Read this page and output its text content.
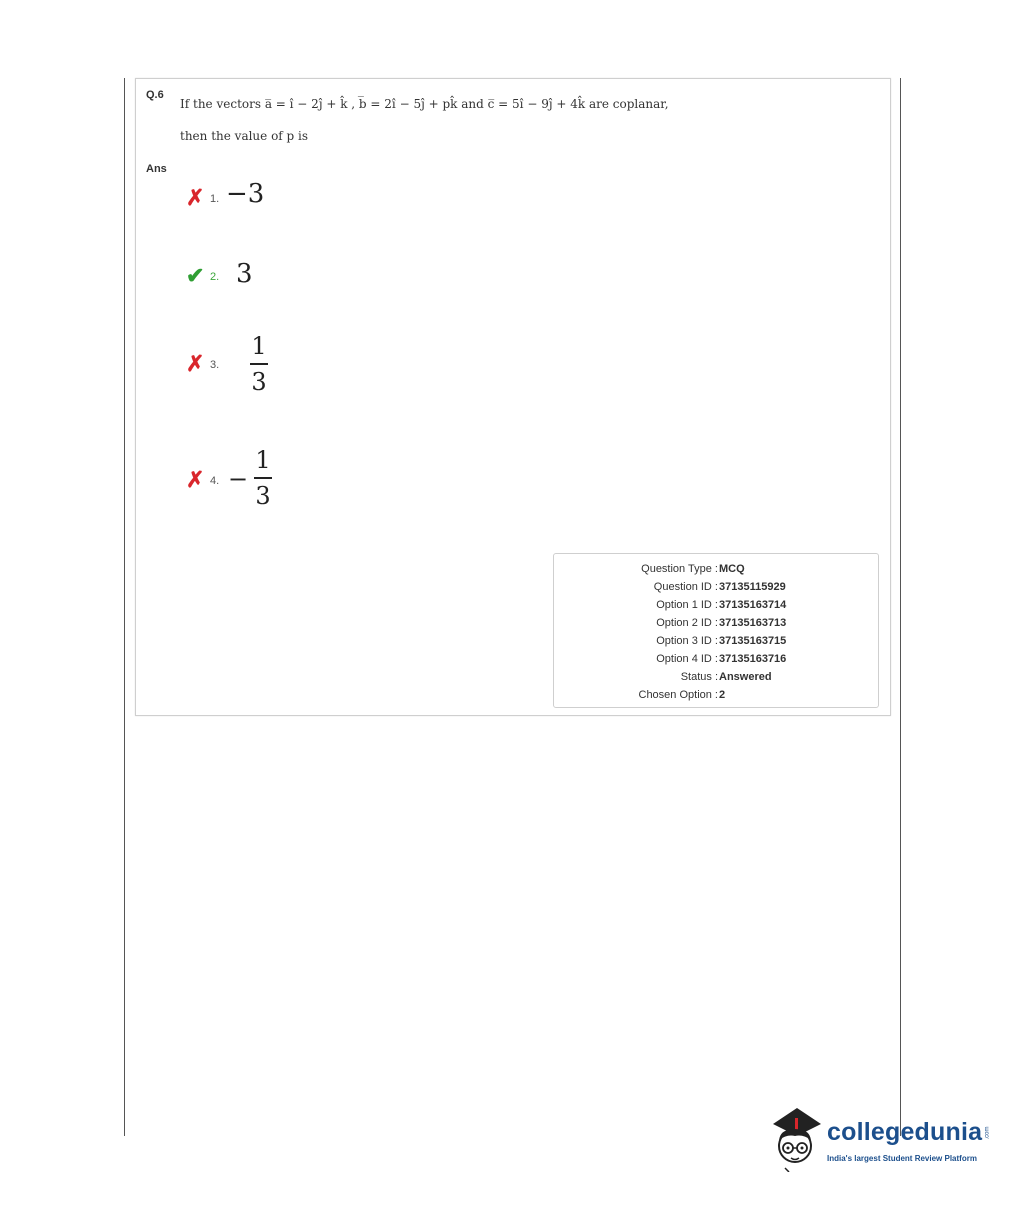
Q.6
If the vectors a̅ = î − 2ĵ + k̂ , b̅ = 2î − 5ĵ + pk̂ and c̅ = 5î − 9ĵ + 4k̂ are coplanar,
then the value of p is
Ans
✗ 1. −3
✔ 2. 3
✗ 3.
1
3
✗ 4. −
1
3
Question Type : MCQ
Question ID : 37135115929
Option 1 ID : 37135163714
Option 2 ID : 37135163713
Option 3 ID : 37135163715
Option 4 ID : 37135163716
Status : Answered
Chosen Option : 2
collegedunia .com
India's largest Student Review Platform
